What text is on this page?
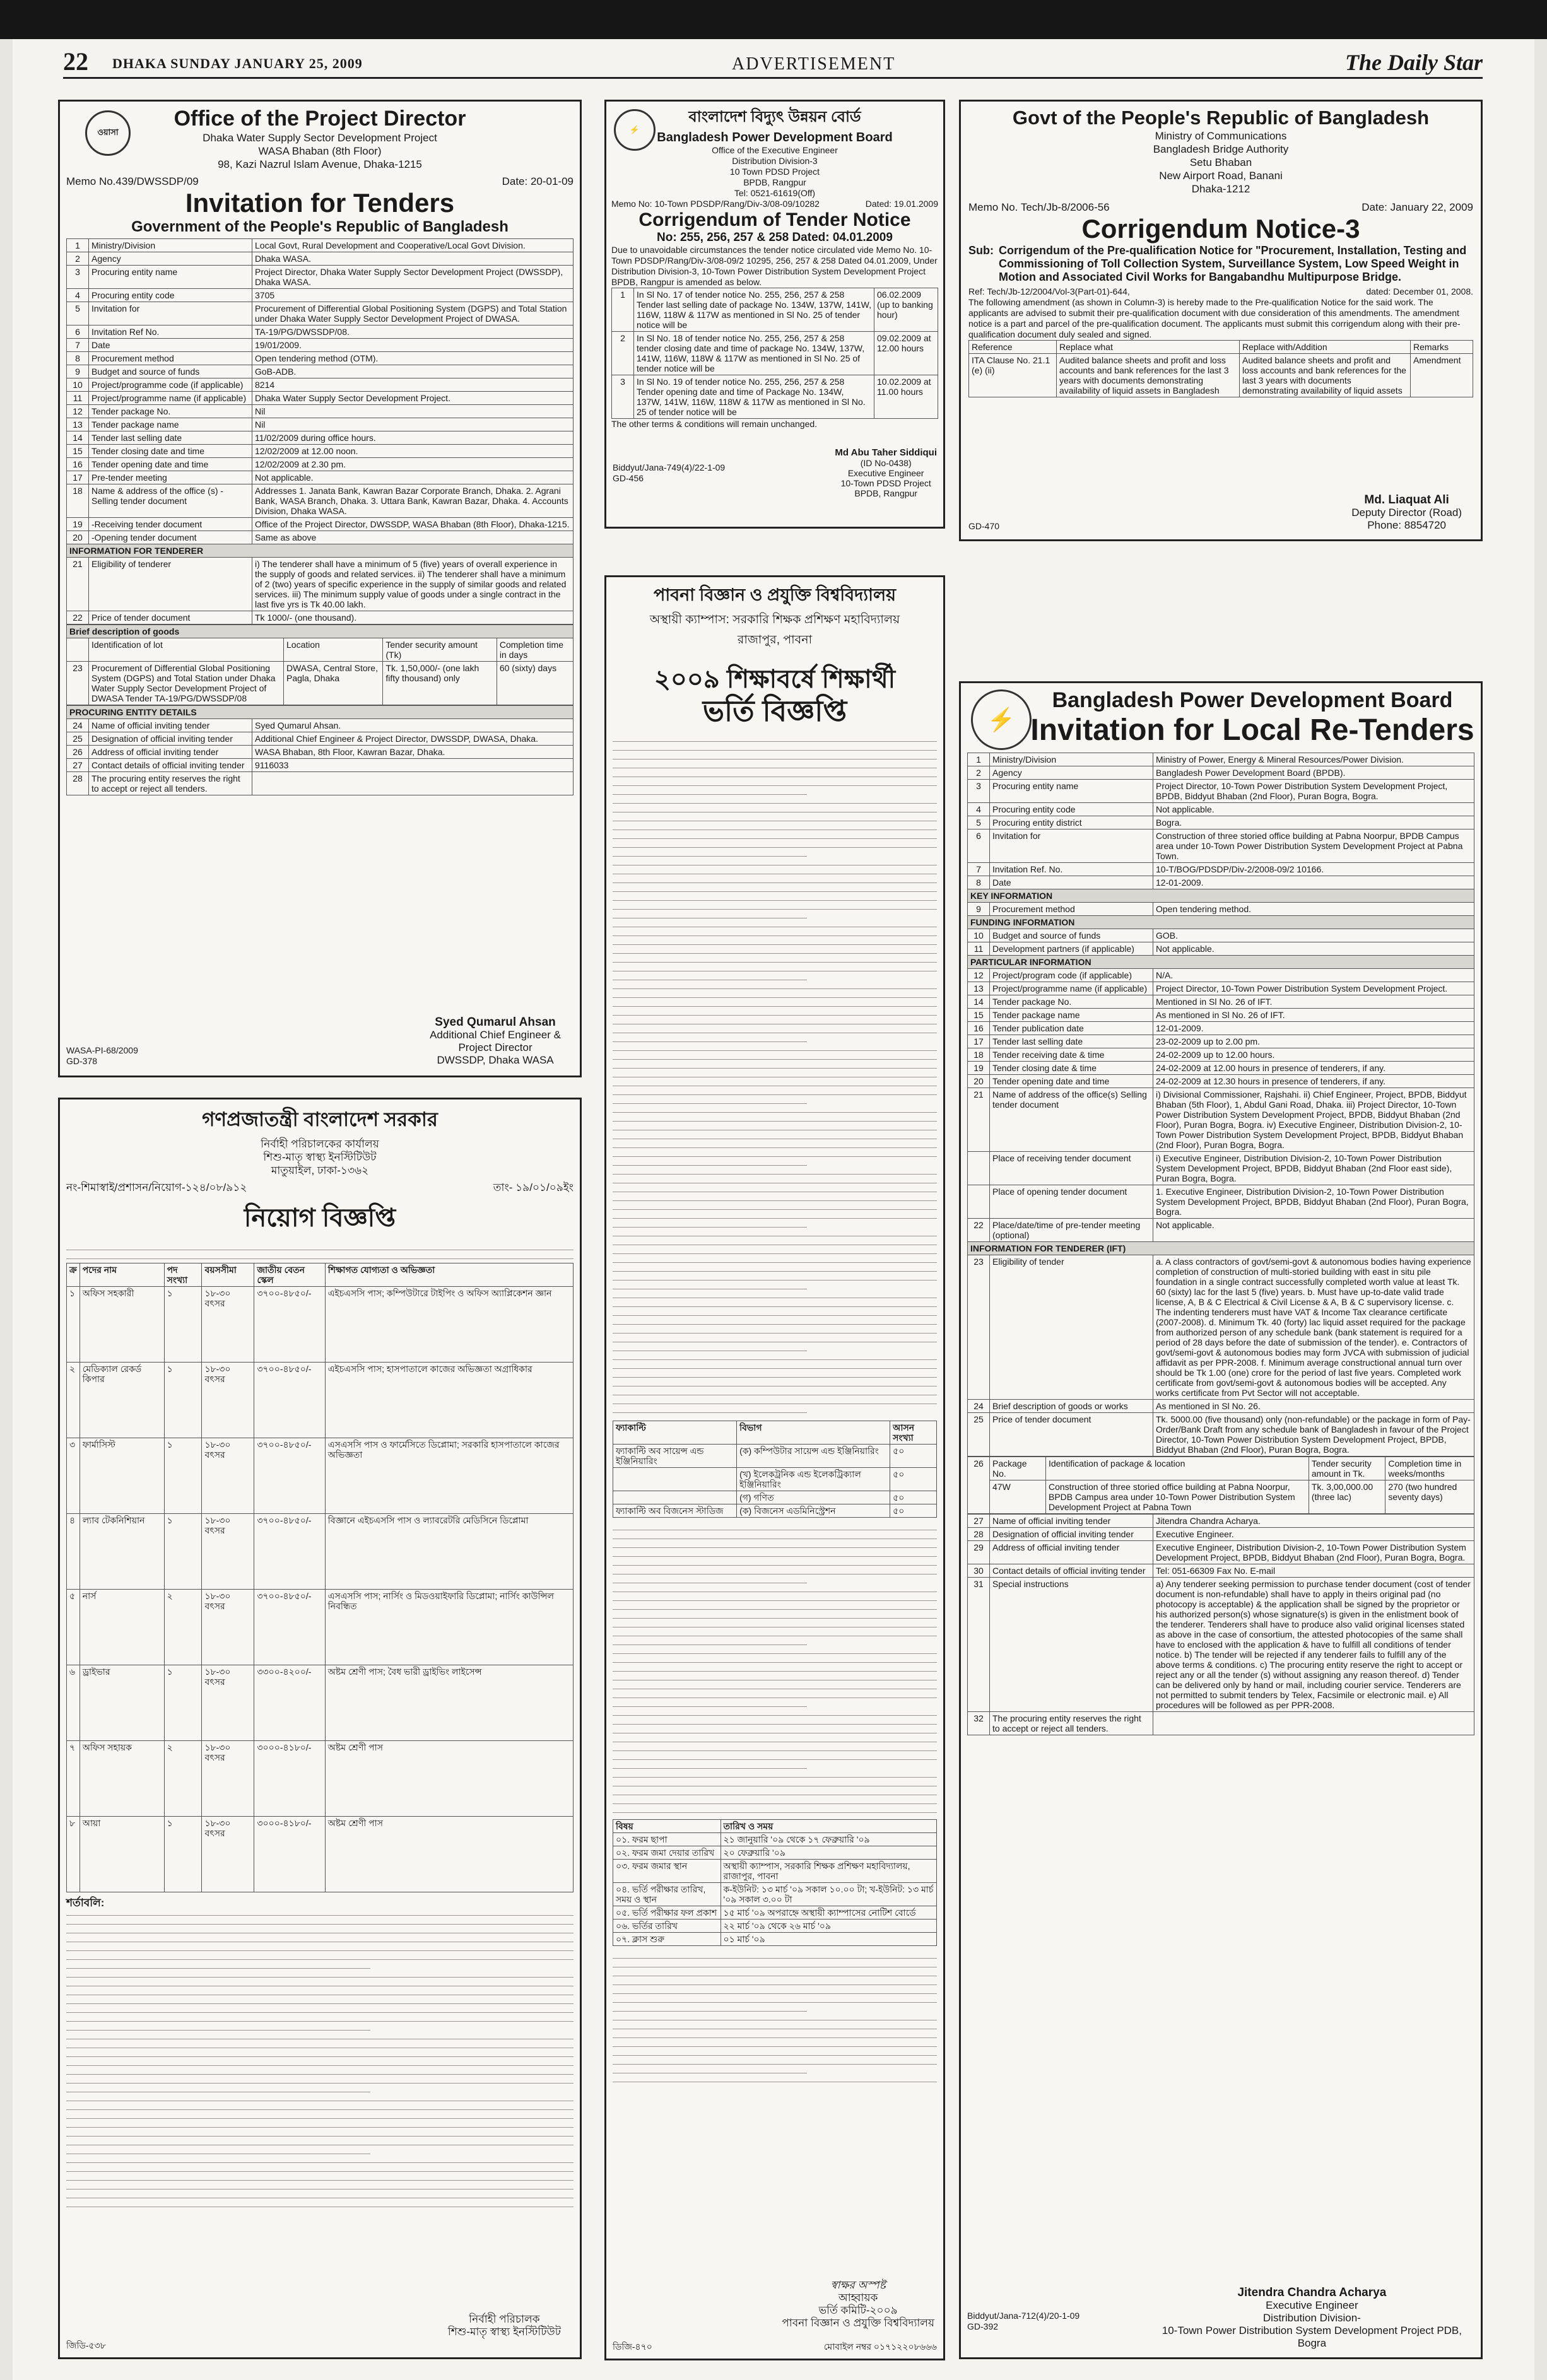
22 DHAKA SUNDAY JANUARY 25, 2009	ADVERTISEMENT	The Daily Star
ওয়াসা
Office of the Project Director
Dhaka Water Supply Sector Development Project
WASA Bhaban (8th Floor)
98, Kazi Nazrul Islam Avenue, Dhaka-1215
Memo No.439/DWSSDP/09	Date: 20-01-09
Invitation for Tenders
Government of the People's Republic of Bangladesh
1	Ministry/Division	Local Govt, Rural Development and Cooperative/Local Govt Division.
2	Agency	Dhaka WASA.
3	Procuring entity name	Project Director, Dhaka Water Supply Sector Development Project (DWSSDP), Dhaka WASA.
4	Procuring entity code	3705
5	Invitation for	Procurement of Differential Global Positioning System (DGPS) and Total Station under Dhaka Water Supply Sector Development Project of DWASA.
6	Invitation Ref No.	TA-19/PG/DWSSDP/08.
7	Date	19/01/2009.
8	Procurement method	Open tendering method (OTM).
9	Budget and source of funds	GoB-ADB.
10	Project/programme code (if applicable)	8214
11	Project/programme name (if applicable)	Dhaka Water Supply Sector Development Project.
12	Tender package No.	Nil
13	Tender package name	Nil
14	Tender last selling date	11/02/2009 during office hours.
15	Tender closing date and time	12/02/2009 at 12.00 noon.
16	Tender opening date and time	12/02/2009 at 2.30 pm.
17	Pre-tender meeting	Not applicable.
18	Name & address of the office (s) -Selling tender document	Addresses 1. Janata Bank, Kawran Bazar Corporate Branch, Dhaka. 2. Agrani Bank, WASA Branch, Dhaka. 3. Uttara Bank, Kawran Bazar, Dhaka. 4. Accounts Division, Dhaka WASA.
19	-Receiving tender document	Office of the Project Director, DWSSDP, WASA Bhaban (8th Floor), Dhaka-1215.
20	-Opening tender document	Same as above
INFORMATION FOR TENDERER		
21	Eligibility of tenderer	i) The tenderer shall have a minimum of 5 (five) years of overall experience in the supply of goods and related services. ii) The tenderer shall have a minimum of 2 (two) years of specific experience in the supply of similar goods and related services. iii) The minimum supply value of goods under a single contract in the last five yrs is Tk 40.00 lakh.
22	Price of tender document	Tk 1000/- (one thousand).
Brief description of goods				
	Identification of lot	Location	Tender security amount (Tk)	Completion time in days
23	Procurement of Differential Global Positioning System (DGPS) and Total Station under Dhaka Water Supply Sector Development Project of DWASA Tender TA-19/PG/DWSSDP/08	DWASA, Central Store, Pagla, Dhaka	Tk. 1,50,000/- (one lakh fifty thousand) only	60 (sixty) days
PROCURING ENTITY DETAILS		
24	Name of official inviting tender	Syed Qumarul Ahsan.
25	Designation of official inviting tender	Additional Chief Engineer & Project Director, DWSSDP, DWASA, Dhaka.
26	Address of official inviting tender	WASA Bhaban, 8th Floor, Kawran Bazar, Dhaka.
27	Contact details of official inviting tender	9116033
28	The procuring entity reserves the right to accept or reject all tenders.	
Syed Qumarul Ahsan
Additional Chief Engineer &
Project Director
DWSSDP, Dhaka WASA
WASA-PI-68/2009
GD-378
⚡
বাংলাদেশ বিদ্যুৎ উন্নয়ন বোর্ড
Bangladesh Power Development Board
Office of the Executive Engineer
Distribution Division-3
10 Town PDSD Project
BPDB, Rangpur
Tel: 0521-61619(Off)
Memo No: 10-Town PDSDP/Rang/Div-3/08-09/10282	Dated: 19.01.2009
Corrigendum of Tender Notice
No: 255, 256, 257 & 258 Dated: 04.01.2009
Due to unavoidable circumstances the tender notice circulated vide Memo No. 10-Town PDSDP/Rang/Div-3/08-09/2 10295, 256, 257 & 258 Dated 04.01.2009, Under Distribution Division-3, 10-Town Power Distribution System Development Project BPDB, Rangpur is amended as below.
1	In Sl No. 17 of tender notice No. 255, 256, 257 & 258 Tender last selling date of package No. 134W, 137W, 141W, 116W, 118W & 117W as mentioned in Sl No. 25 of tender notice will be	06.02.2009 (up to banking hour)
2	In Sl No. 18 of tender notice No. 255, 256, 257 & 258 tender closing date and time of package No. 134W, 137W, 141W, 116W, 118W & 117W as mentioned in Sl No. 25 of tender notice will be	09.02.2009 at 12.00 hours
3	In Sl No. 19 of tender notice No. 255, 256, 257 & 258 Tender opening date and time of Package No. 134W, 137W, 141W, 116W, 118W & 117W as mentioned in Sl No. 25 of tender notice will be	10.02.2009 at 11.00 hours
The other terms & conditions will remain unchanged.
Md Abu Taher Siddiqui
(ID No-0438)
Executive Engineer
10-Town PDSD Project
BPDB, Rangpur
Biddyut/Jana-749(4)/22-1-09
GD-456
Govt of the People's Republic of Bangladesh
Ministry of Communications
Bangladesh Bridge Authority
Setu Bhaban
New Airport Road, Banani
Dhaka-1212
Memo No. Tech/Jb-8/2006-56	Date: January 22, 2009
Corrigendum Notice-3
Sub: Corrigendum of the Pre-qualification Notice for "Procurement, Installation, Testing and Commissioning of Toll Collection System, Surveillance System, Low Speed Weight in Motion and Associated Civil Works for Bangabandhu Multipurpose Bridge.
Ref: Tech/Jb-12/2004/Vol-3(Part-01)-644,	dated: December 01, 2008.
The following amendment (as shown in Column-3) is hereby made to the Pre-qualification Notice for the said work. The applicants are advised to submit their pre-qualification document with due consideration of this amendments. The amendment notice is a part and parcel of the pre-qualification document. The applicants must submit this corrigendum along with their pre-qualification document duly sealed and signed.
Reference	Replace what	Replace with/Addition	Remarks
ITA Clause No. 21.1 (e) (ii)	Audited balance sheets and profit and loss accounts and bank references for the last 3 years with documents demonstrating availability of liquid assets in Bangladesh	Audited balance sheets and profit and loss accounts and bank references for the last 3 years with documents demonstrating availability of liquid assets	Amendment
Md. Liaquat Ali
Deputy Director (Road)
Phone: 8854720
GD-470
পাবনা বিজ্ঞান ও প্রযুক্তি বিশ্ববিদ্যালয়
অস্থায়ী ক্যাম্পাস: সরকারি শিক্ষক প্রশিক্ষণ মহাবিদ্যালয়
রাজাপুর, পাবনা
২০০৯ শিক্ষাবর্ষে শিক্ষার্থী
ভর্তি বিজ্ঞপ্তি
ফ্যাকাল্টি	বিভাগ	আসন সংখ্যা
ফ্যাকাল্টি অব সায়েন্স এন্ড ইঞ্জিনিয়ারিং	(ক) কম্পিউটার সায়েন্স এন্ড ইঞ্জিনিয়ারিং	৫০
	(খ) ইলেকট্রনিক এন্ড ইলেকট্রিক্যাল ইঞ্জিনিয়ারিং	৫০
	(গ) গণিত	৫০
ফ্যাকাল্টি অব বিজনেস স্টাডিজ	(ক) বিজনেস এডমিনিস্ট্রেশন	৫০
বিষয়	তারিখ ও সময়
০১. ফরম ছাপা	২১ জানুয়ারি '০৯ থেকে ১৭ ফেব্রুয়ারি '০৯
০২. ফরম জমা দেয়ার তারিখ	২০ ফেব্রুয়ারি '০৯
০৩. ফরম জমার স্থান	অস্থায়ী ক্যাম্পাস, সরকারি শিক্ষক প্রশিক্ষণ মহাবিদ্যালয়, রাজাপুর, পাবনা
০৪. ভর্তি পরীক্ষার তারিখ, সময় ও স্থান	ক-ইউনিট: ১৩ মার্চ '০৯ সকাল ১০.০০ টা; খ-ইউনিট: ১৩ মার্চ '০৯ সকাল ৩.০০ টা
০৫. ভর্তি পরীক্ষার ফল প্রকাশ	১৫ মার্চ '০৯ অপরাহ্নে অস্থায়ী ক্যাম্পাসের নোটিশ বোর্ডে
০৬. ভর্তির তারিখ	২২ মার্চ '০৯ থেকে ২৬ মার্চ '০৯
০৭. ক্লাস শুরু	০১ মার্চ '০৯
স্বাক্ষর অস্পষ্ট
আহ্বায়ক
ভর্তি কমিটি-২০০৯
পাবনা বিজ্ঞান ও প্রযুক্তি বিশ্ববিদ্যালয়
ডিজি-৪৭০	মোবাইল নম্বর ০১৭১২২০৮৬৬৬
গণপ্রজাতন্ত্রী বাংলাদেশ সরকার
নির্বাহী পরিচালকের কার্যালয়
শিশু-মাতৃ স্বাস্থ্য ইনস্টিটিউট
মাতুয়াইল, ঢাকা-১৩৬২
নং-শিমাস্বাই/প্রশাসন/নিয়োগ-১২৪/০৮/৯১২	তাং- ১৯/০১/০৯ইং
নিয়োগ বিজ্ঞপ্তি
ক্র	পদের নাম	পদ সংখ্যা	বয়সসীমা	জাতীয় বেতন স্কেল	শিক্ষাগত যোগ্যতা ও অভিজ্ঞতা
১	অফিস সহকারী	১	১৮-৩০ বৎসর	৩৭০০-৪৮৫০/-	এইচএসসি পাস; কম্পিউটারে টাইপিং ও অফিস অ্যাপ্লিকেশন জ্ঞান
২	মেডিক্যাল রেকর্ড কিপার	১	১৮-৩০ বৎসর	৩৭০০-৪৮৫০/-	এইচএসসি পাস; হাসপাতালে কাজের অভিজ্ঞতা অগ্রাধিকার
৩	ফার্মাসিস্ট	১	১৮-৩০ বৎসর	৩৭০০-৪৮৫০/-	এসএসসি পাস ও ফার্মেসিতে ডিপ্লোমা; সরকারি হাসপাতালে কাজের অভিজ্ঞতা
৪	ল্যাব টেকনিশিয়ান	১	১৮-৩০ বৎসর	৩৭০০-৪৮৫০/-	বিজ্ঞানে এইচএসসি পাস ও ল্যাবরেটরি মেডিসিনে ডিপ্লোমা
৫	নার্স	২	১৮-৩০ বৎসর	৩৭০০-৪৮৫০/-	এসএসসি পাস; নার্সিং ও মিডওয়াইফারি ডিপ্লোমা; নার্সিং কাউন্সিল নিবন্ধিত
৬	ড্রাইভার	১	১৮-৩০ বৎসর	৩৩০০-৪২০০/-	অষ্টম শ্রেণী পাস; বৈধ ভারী ড্রাইভিং লাইসেন্স
৭	অফিস সহায়ক	২	১৮-৩০ বৎসর	৩০০০-৪১৮০/-	অষ্টম শ্রেণী পাস
৮	আয়া	১	১৮-৩০ বৎসর	৩০০০-৪১৮০/-	অষ্টম শ্রেণী পাস
শর্তাবলি:
নির্বাহী পরিচালক
শিশু-মাতৃ স্বাস্থ্য ইনস্টিটিউট
জিডি-৫৩৮
⚡
Bangladesh Power Development Board
Invitation for Local Re-Tenders
1	Ministry/Division	Ministry of Power, Energy & Mineral Resources/Power Division.
2	Agency	Bangladesh Power Development Board (BPDB).
3	Procuring entity name	Project Director, 10-Town Power Distribution System Development Project, BPDB, Biddyut Bhaban (2nd Floor), Puran Bogra, Bogra.
4	Procuring entity code	Not applicable.
5	Procuring entity district	Bogra.
6	Invitation for	Construction of three storied office building at Pabna Noorpur, BPDB Campus area under 10-Town Power Distribution System Development Project at Pabna Town.
7	Invitation Ref. No.	10-T/BOG/PDSDP/Div-2/2008-09/2 10166.
8	Date	12-01-2009.
KEY INFORMATION		
9	Procurement method	Open tendering method.
FUNDING INFORMATION		
10	Budget and source of funds	GOB.
11	Development partners (if applicable)	Not applicable.
PARTICULAR INFORMATION		
12	Project/program code (if applicable)	N/A.
13	Project/programme name (if applicable)	Project Director, 10-Town Power Distribution System Development Project.
14	Tender package No.	Mentioned in Sl No. 26 of IFT.
15	Tender package name	As mentioned in Sl No. 26 of IFT.
16	Tender publication date	12-01-2009.
17	Tender last selling date	23-02-2009 up to 2.00 pm.
18	Tender receiving date & time	24-02-2009 up to 12.00 hours.
19	Tender closing date & time	24-02-2009 at 12.00 hours in presence of tenderers, if any.
20	Tender opening date and time	24-02-2009 at 12.30 hours in presence of tenderers, if any.
21	Name of address of the office(s) Selling tender document	i) Divisional Commissioner, Rajshahi. ii) Chief Engineer, Project, BPDB, Biddyut Bhaban (5th Floor), 1, Abdul Gani Road, Dhaka. iii) Project Director, 10-Town Power Distribution System Development Project, BPDB, Biddyut Bhaban (2nd Floor), Puran Bogra, Bogra. iv) Executive Engineer, Distribution Division-2, 10-Town Power Distribution System Development Project, BPDB, Biddyut Bhaban (2nd Floor), Puran Bogra, Bogra.
	Place of receiving tender document	i) Executive Engineer, Distribution Division-2, 10-Town Power Distribution System Development Project, BPDB, Biddyut Bhaban (2nd Floor east side), Puran Bogra, Bogra.
	Place of opening tender document	1. Executive Engineer, Distribution Division-2, 10-Town Power Distribution System Development Project, BPDB, Biddyut Bhaban (2nd Floor), Puran Bogra, Bogra.
22	Place/date/time of pre-tender meeting (optional)	Not applicable.
INFORMATION FOR TENDERER (IFT)		
23	Eligibility of tender	a. A class contractors of govt/semi-govt & autonomous bodies having experience completion of construction of multi-storied building with east in situ pile foundation in a single contract successfully completed worth value at least Tk. 60 (sixty) lac for the last 5 (five) years. b. Must have up-to-date valid trade license, A, B & C Electrical & Civil License & A, B & C supervisory license. c. The indenting tenderers must have VAT & Income Tax clearance certificate (2007-2008). d. Minimum Tk. 40 (forty) lac liquid asset required for the package from authorized person of any schedule bank (bank statement is required for a period of 28 days before the date of submission of the tender). e. Contractors of govt/semi-govt & autonomous bodies may form JVCA with submission of judicial affidavit as per PPR-2008. f. Minimum average constructional annual turn over should be Tk 1.00 (one) crore for the period of last five years. Completed work certificate from govt/semi-govt & autonomous bodies will be accepted. Any works certificate from Pvt Sector will not acceptable.
24	Brief description of goods or works	As mentioned in Sl No. 26.
25	Price of tender document	Tk. 5000.00 (five thousand) only (non-refundable) or the package in form of Pay-Order/Bank Draft from any schedule bank of Bangladesh in favour of the Project Director, 10-Town Power Distribution System Development Project, BPDB, Biddyut Bhaban (2nd Floor), Puran Bogra, Bogra.
26	Package No.	Identification of package & location	Tender security amount in Tk.	Completion time in weeks/months
	47W	Construction of three storied office building at Pabna Noorpur, BPDB Campus area under 10-Town Power Distribution System Development Project at Pabna Town	Tk. 3,00,000.00 (three lac)	270 (two hundred seventy days)
27	Name of official inviting tender	Jitendra Chandra Acharya.
28	Designation of official inviting tender	Executive Engineer.
29	Address of official inviting tender	Executive Engineer, Distribution Division-2, 10-Town Power Distribution System Development Project, BPDB, Biddyut Bhaban (2nd Floor), Puran Bogra, Bogra.
30	Contact details of official inviting tender	Tel: 051-66309 Fax No. E-mail
31	Special instructions	a) Any tenderer seeking permission to purchase tender document (cost of tender document is non-refundable) shall have to apply in theirs original pad (no photocopy is acceptable) & the application shall be signed by the proprietor or his authorized person(s) whose signature(s) is given in the enlistment book of the tenderer. Tenderers shall have to produce also valid original licenses stated as above in the case of consortium, the attested photocopies of the same shall have to enclosed with the application & have to fulfill all conditions of tender notice. b) The tender will be rejected if any tenderer fails to fulfill any of the above terms & conditions. c) The procuring entity reserve the right to accept or reject any or all the tender (s) without assigning any reason thereof. d) Tender can be delivered only by hand or mail, including courier service. Tenderers are not permitted to submit tenders by Telex, Facsimile or electronic mail. e) All procedures will be followed as per PPR-2008.
32	The procuring entity reserves the right to accept or reject all tenders.	
Jitendra Chandra Acharya
Executive Engineer
Distribution Division-
10-Town Power Distribution System Development Project PDB,
Bogra
Biddyut/Jana-712(4)/20-1-09
GD-392
